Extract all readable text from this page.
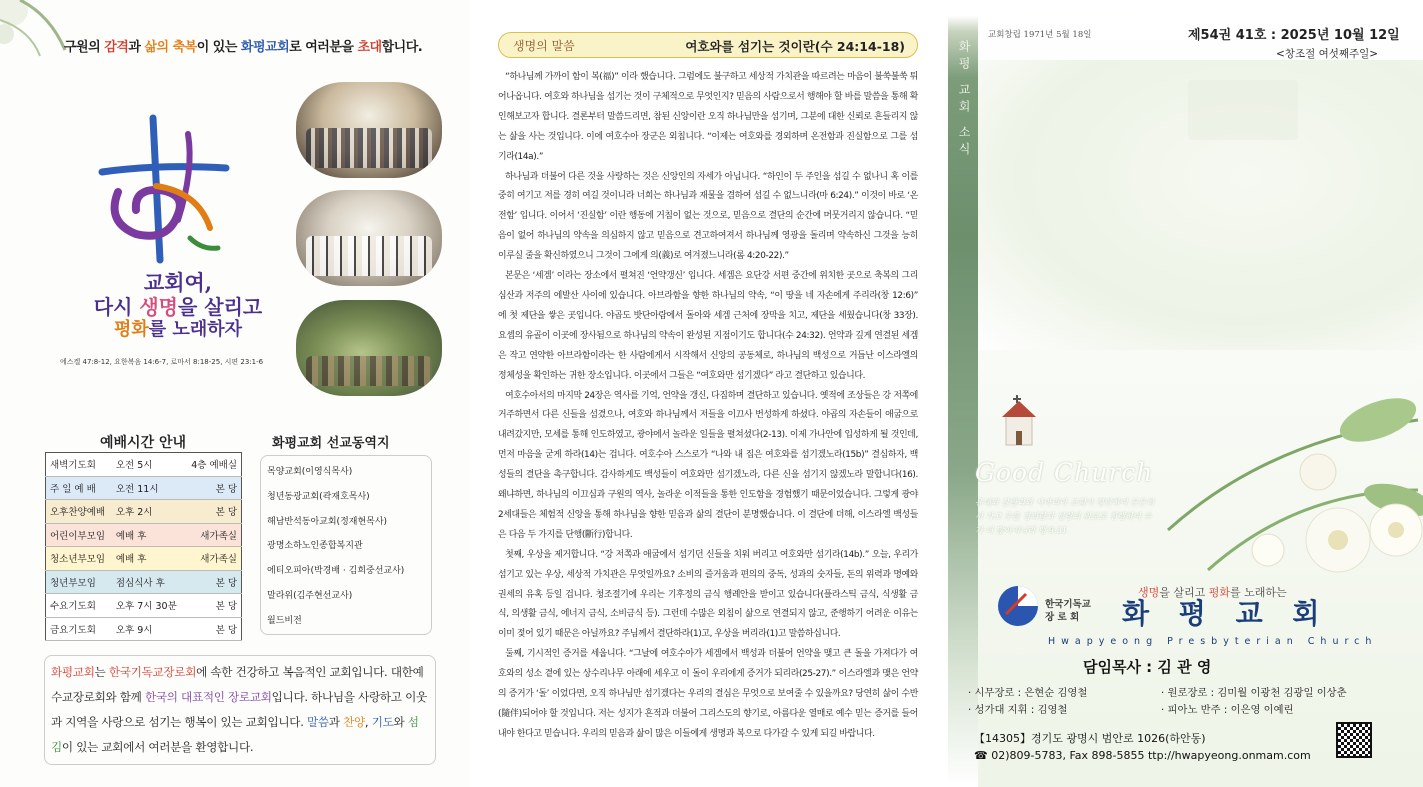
구원의 감격과 삶의 축복이 있는 화평교회로 여러분을 초대합니다.
교회여,
다시 생명을 살리고
평화를 노래하자
에스겔 47:8-12, 요한복음 14:6-7, 로마서 8:18-25, 시편 23:1-6
예배시간 안내
새벽기도회	오전 5시	4층 예배실
주 일 예 배	오전 11시	본 당
오후찬양예배	오후 2시	본 당
어린이부모임	예배 후	새가족실
청소년부모임	예배 후	새가족실
청년부모임	점심식사 후	본 당
수요기도회	오후 7시 30분	본 당
금요기도회	오후 9시	본 당
화평교회 선교동역지
목양교회(이영식목사)
청년동광교회(곽재호목사)
해남반석동아교회(정재현목사)
광명소하노인종합복지관
에티오피아(박경배 · 김희중선교사)
말라위(김주현선교사)
월드비전
화평교회는 한국기독교장로회에 속한 건강하고 복음적인 교회입니다. 대한예수교장로회와 함께 한국의 대표적인 장로교회입니다. 하나님을 사랑하고 이웃과 지역을 사랑으로 섬기는 행복이 있는 교회입니다. 말씀과 찬양, 기도와 섬김이 있는 교회에서 여러분을 환영합니다.
생명의 말씀	여호와를 섬기는 것이란(수 24:14-18)

“하나님께 가까이 함이 복(福)” 이라 했습니다. 그럼에도 불구하고 세상적 가치관을 따르려는 마음이 불쑥불쑥 튀어나옵니다. 여호와 하나님을 섬기는 것이 구체적으로 무엇인지? 믿음의 사람으로서 행해야 할 바를 말씀을 통해 확인해보고자 합니다. 결론부터 말씀드리면, 참된 신앙이란 오직 하나님만을 섬기며, 그분에 대한 신뢰로 흔들리지 않는 삶을 사는 것입니다. 이에 여호수아 장군은 외칩니다. “이제는 여호와를 경외하며 온전함과 진실함으로 그를 섬기라(14a).”

하나님과 더불어 다른 것을 사랑하는 것은 신앙인의 자세가 아닙니다. “하인이 두 주인을 섬길 수 없나니 혹 이를 중히 여기고 저를 경히 여길 것이니라 너희는 하나님과 재물을 겸하여 섬길 수 없느니라(마 6:24).” 이것이 바로 ‘온전함’ 입니다. 이어서 ‘진실함’ 이란 행동에 거침이 없는 것으로, 믿음으로 결단의 순간에 머뭇거리지 않습니다. “믿음이 없어 하나님의 약속을 의심하지 않고 믿음으로 견고하여져서 하나님께 영광을 돌리며 약속하신 그것을 능히 이루실 줄을 확신하였으니 그것이 그에게 의(義)로 여겨졌느니라(롬 4:20-22).”

본문은 ‘세겜’ 이라는 장소에서 펼쳐진 ‘언약갱신’ 입니다. 세겜은 요단강 서편 중간에 위치한 곳으로 축복의 그리심산과 저주의 에발산 사이에 있습니다. 아브라함을 향한 하나님의 약속, “이 땅을 네 자손에게 주리라(창 12:6)” 에 첫 제단을 쌓은 곳입니다. 야곱도 밧단아람에서 돌아와 세겜 근처에 장막을 치고, 제단을 세웠습니다(창 33장). 요셉의 유골이 이곳에 장사됨으로 하나님의 약속이 완성된 지점이기도 합니다(수 24:32). 언약과 깊게 연결된 세겜은 작고 연약한 아브라함이라는 한 사람에게서 시작해서 신앙의 공동체로, 하나님의 백성으로 거듭난 이스라엘의 정체성을 확인하는 귀한 장소입니다. 이곳에서 그들은 “여호와만 섬기겠다” 라고 결단하고 있습니다.

여호수아서의 마지막 24장은 역사를 기억, 언약을 갱신, 다짐하며 결단하고 있습니다. 옛적에 조상들은 강 저쪽에 거주하면서 다른 신들을 섬겼으나, 여호와 하나님께서 저들을 이끄사 번성하게 하셨다. 야곱의 자손들이 애굽으로 내려갔지만, 모세를 통해 인도하였고, 광야에서 놀라운 일들을 펼쳐셨다(2-13). 이제 가나안에 입성하게 될 것인데, 먼저 마음을 굳게 하라(14)는 겁니다. 여호수아 스스로가 “나와 내 집은 여호와를 섬기겠노라(15b)” 결심하자, 백성들의 결단을 촉구합니다. 감사하게도 백성들이 여호와만 섬기겠노라, 다른 신을 섬기지 않겠노라 말합니다(16). 왜냐하면, 하나님의 이끄심과 구원의 역사, 놀라운 이적들을 통한 인도함을 경험했기 때문이었습니다. 그렇게 광야 2세대들은 체험적 신앙을 통해 하나님을 향한 믿음과 삶의 결단이 분명했습니다. 이 결단에 더해, 이스라엘 백성들은 다음 두 가지를 단행(斷行)합니다.

첫째, 우상을 제거합니다. “강 저쪽과 애굽에서 섬기던 신들을 치워 버리고 여호와만 섬기라(14b).” 오늘, 우리가 섬기고 있는 우상, 세상적 가치관은 무엇일까요? 소비의 즐거움과 편의의 중독, 성과의 숫자들, 돈의 위력과 명예와 권세의 유혹 등일 겁니다. 청조절기에 우리는 기후정의 금식 행례안을 받이고 있습니다(플라스틱 금식, 식생활 금식, 의생활 금식, 에너지 금식, 소비금식 등). 그런데 수많은 외침이 삶으로 연결되지 않고, 준행하기 어려운 이유는 이미 젖어 있기 때문은 아닐까요? 주님께서 결단하라(1)고, 우상을 버리라(1)고 말씀하십니다.

둘째, 기시적인 증거를 세웁니다. “그날에 여호수아가 세겜에서 백성과 더불어 언약을 맺고 큰 돌을 가져다가 여호와의 성소 곁에 있는 상수리나무 아래에 세우고 이 돌이 우리에게 증거가 되리라(25-27).” 이스라엘과 맺은 언약의 증거가 ‘돌’ 이었다면, 오직 하나님만 섬기겠다는 우리의 결심은 무엇으로 보여줄 수 있을까요? 당연히 삶이 수반(隨伴)되어야 할 것입니다. 저는 성지가 흔적과 더불어 그리스도의 향기로, 아름다운 열매로 예수 믿는 증거를 들어내야 한다고 믿습니다. 우리의 믿음과 삶이 많은 이들에게 생명과 복으로 다가갈 수 있게 되길 바랍니다.

화평 교회 소식
교회창립 1971년 5월 18일	제54권 41호 : 2025년 10월 12일
<창조절 여섯째주일>
Good Church
유대와 갈릴리와 사마리아 교회가 평안하여 든든히 서 가고 주를 경외함과 성령의 위로로 진행하여 수가 더 많아지니라 행 9:31
생명을 살리고 평화를 노래하는
한국기독교
장 로 회	화 평 교 회
Hwapyeong Presbyterian Church
담임목사 : 김 관 영
· 시무장로 : 은현순 김영철	· 원로장로 : 김미월 이광천 김광일 이상춘
· 성가대 지휘 : 김영철	· 피아노 반주 : 이은영 이예린
【14305】경기도 광명시 범안로 1026(하안동)
☎ 02)809-5783, Fax 898-5855 ttp://hwapyeong.onmam.com
